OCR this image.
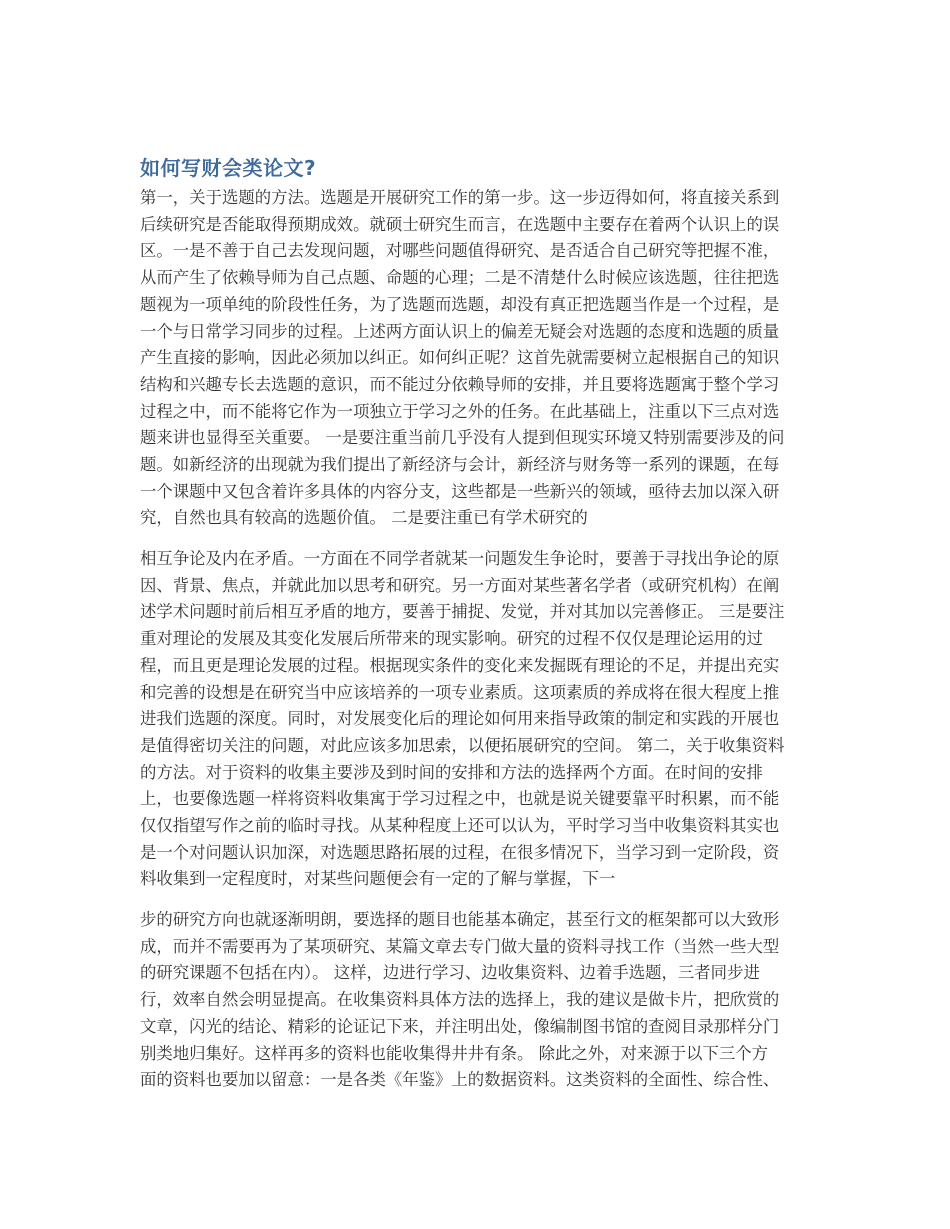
如何写财会类论文?
第一，关于选题的方法。选题是开展研究工作的第一步。这一步迈得如何，将直接关系到
后续研究是否能取得预期成效。就硕士研究生而言，在选题中主要存在着两个认识上的误
区。一是不善于自己去发现问题，对哪些问题值得研究、是否适合自己研究等把握不准，
从而产生了依赖导师为自己点题、命题的心理；二是不清楚什么时候应该选题，往往把选
题视为一项单纯的阶段性任务，为了选题而选题，却没有真正把选题当作是一个过程，是
一个与日常学习同步的过程。上述两方面认识上的偏差无疑会对选题的态度和选题的质量
产生直接的影响，因此必须加以纠正。如何纠正呢？这首先就需要树立起根据自己的知识
结构和兴趣专长去选题的意识，而不能过分依赖导师的安排，并且要将选题寓于整个学习
过程之中，而不能将它作为一项独立于学习之外的任务。在此基础上，注重以下三点对选
题来讲也显得至关重要。 一是要注重当前几乎没有人提到但现实环境又特别需要涉及的问
题。如新经济的出现就为我们提出了新经济与会计，新经济与财务等一系列的课题，在每
一个课题中又包含着许多具体的内容分支，这些都是一些新兴的领域，亟待去加以深入研
究，自然也具有较高的选题价值。 二是要注重已有学术研究的
相互争论及内在矛盾。一方面在不同学者就某一问题发生争论时，要善于寻找出争论的原
因、背景、焦点，并就此加以思考和研究。另一方面对某些著名学者（或研究机构）在阐
述学术问题时前后相互矛盾的地方，要善于捕捉、发觉，并对其加以完善修正。 三是要注
重对理论的发展及其变化发展后所带来的现实影响。研究的过程不仅仅是理论运用的过
程，而且更是理论发展的过程。根据现实条件的变化来发掘既有理论的不足，并提出充实
和完善的设想是在研究当中应该培养的一项专业素质。这项素质的养成将在很大程度上推
进我们选题的深度。同时，对发展变化后的理论如何用来指导政策的制定和实践的开展也
是值得密切关注的问题，对此应该多加思索，以便拓展研究的空间。 第二，关于收集资料
的方法。对于资料的收集主要涉及到时间的安排和方法的选择两个方面。在时间的安排
上，也要像选题一样将资料收集寓于学习过程之中，也就是说关键要靠平时积累，而不能
仅仅指望写作之前的临时寻找。从某种程度上还可以认为，平时学习当中收集资料其实也
是一个对问题认识加深，对选题思路拓展的过程，在很多情况下，当学习到一定阶段，资
料收集到一定程度时，对某些问题便会有一定的了解与掌握，下一
步的研究方向也就逐渐明朗，要选择的题目也能基本确定，甚至行文的框架都可以大致形
成，而并不需要再为了某项研究、某篇文章去专门做大量的资料寻找工作（当然一些大型
的研究课题不包括在内）。 这样，边进行学习、边收集资料、边着手选题，三者同步进
行，效率自然会明显提高。在收集资料具体方法的选择上，我的建议是做卡片，把欣赏的
文章，闪光的结论、精彩的论证记下来，并注明出处，像编制图书馆的查阅目录那样分门
别类地归集好。这样再多的资料也能收集得井井有条。 除此之外，对来源于以下三个方
面的资料也要加以留意：一是各类《年鉴》上的数据资料。这类资料的全面性、综合性、
